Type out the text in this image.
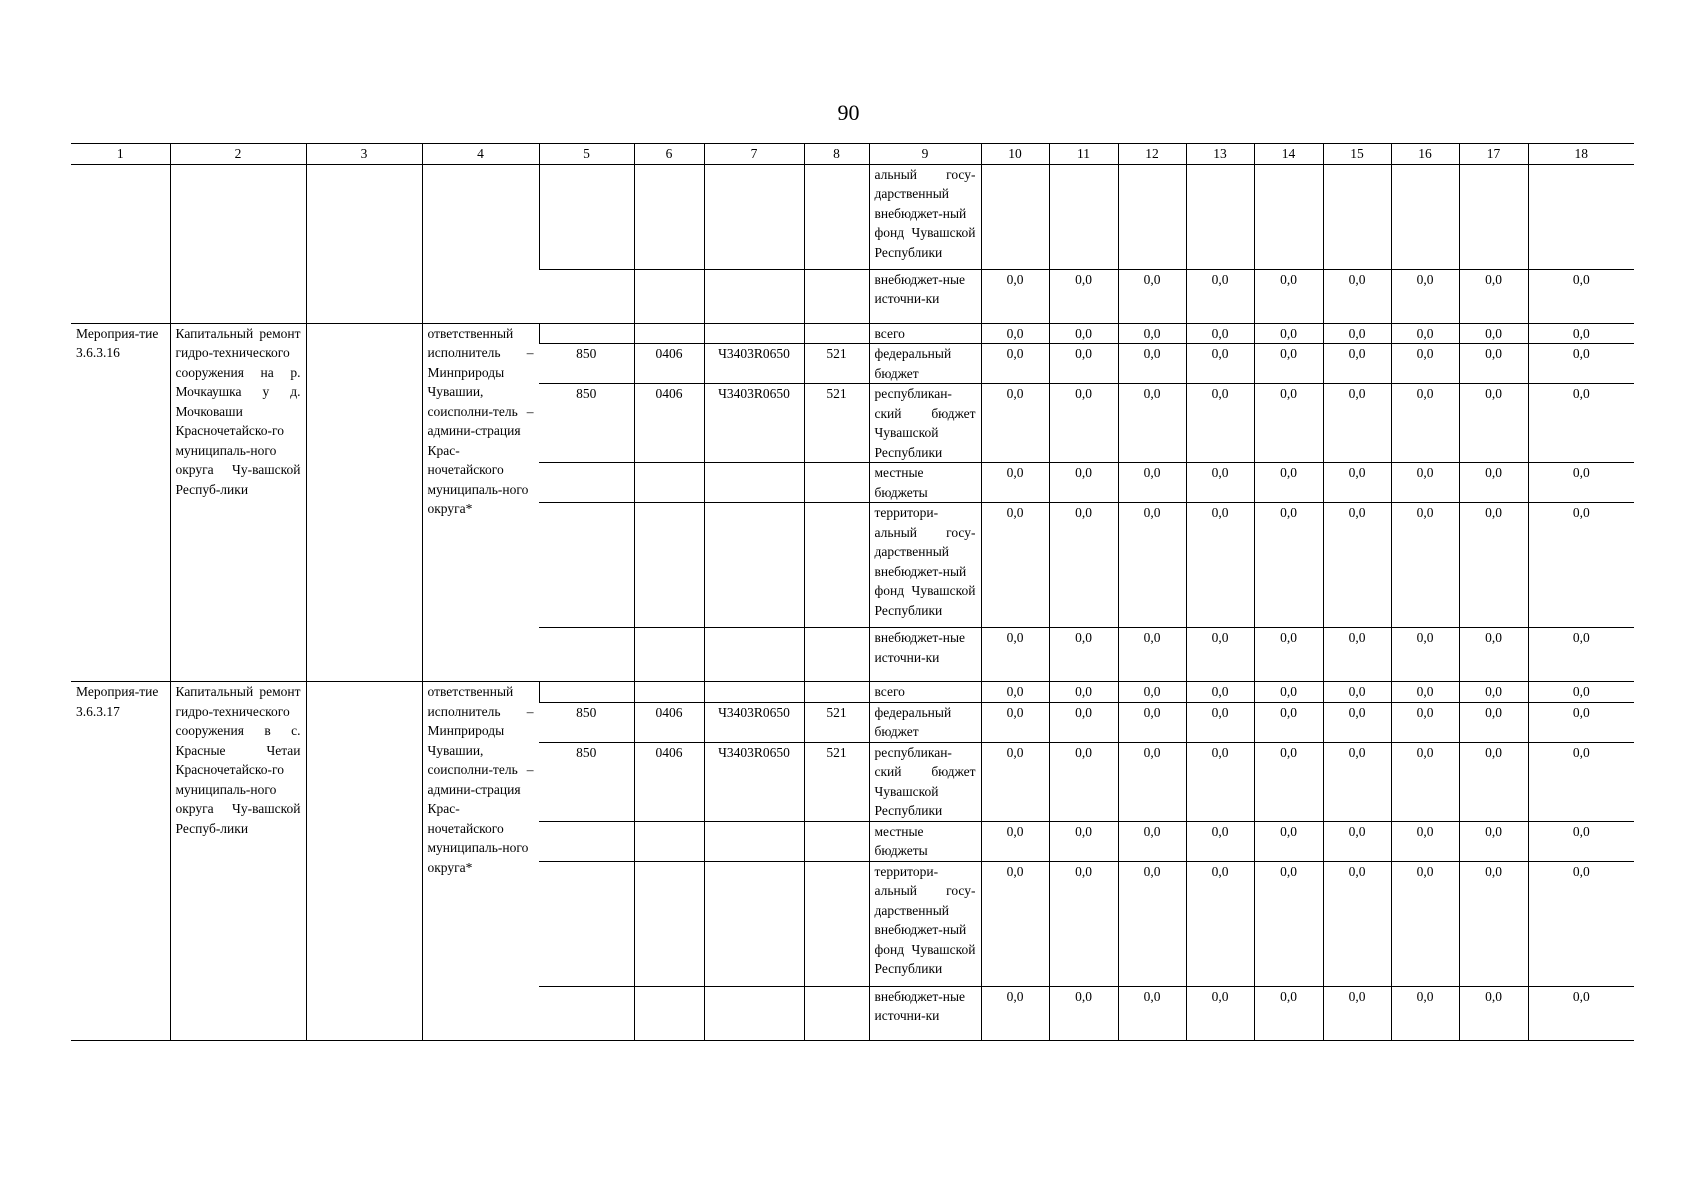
90
1	2	3	4	5	6	7	8	9	10	11	12	13	14	15	16	17	18
								альный госу-дарственный внебюджет-ный фонд Чувашской Республики									
								внебюджет-ные источни-ки	0,0	0,0	0,0	0,0	0,0	0,0	0,0	0,0	0,0
Мероприя-тие 3.6.3.16	Капитальный ремонт гидро-технического сооружения на р. Мочкаушка у д. Мочковаши Красночетайско-го муниципаль-ного округа Чу-вашской Респуб-лики		ответственный исполнитель – Минприроды Чувашии, соисполни-тель – админи-страция Крас-ночетайского муниципаль-ного округа*					всего	0,0	0,0	0,0	0,0	0,0	0,0	0,0	0,0	0,0
				850	0406	Ч3403R0650	521	федеральный бюджет	0,0	0,0	0,0	0,0	0,0	0,0	0,0	0,0	0,0
				850	0406	Ч3403R0650	521	республикан-ский бюджет Чувашской Республики	0,0	0,0	0,0	0,0	0,0	0,0	0,0	0,0	0,0
								местные бюджеты	0,0	0,0	0,0	0,0	0,0	0,0	0,0	0,0	0,0
								территори-альный госу-дарственный внебюджет-ный фонд Чувашской Республики	0,0	0,0	0,0	0,0	0,0	0,0	0,0	0,0	0,0
								внебюджет-ные источни-ки	0,0	0,0	0,0	0,0	0,0	0,0	0,0	0,0	0,0
Мероприя-тие 3.6.3.17	Капитальный ремонт гидро-технического сооружения в с. Красные Четаи Красночетайско-го муниципаль-ного округа Чу-вашской Респуб-лики		ответственный исполнитель – Минприроды Чувашии, соисполни-тель – админи-страция Крас-ночетайского муниципаль-ного округа*					всего	0,0	0,0	0,0	0,0	0,0	0,0	0,0	0,0	0,0
				850	0406	Ч3403R0650	521	федеральный бюджет	0,0	0,0	0,0	0,0	0,0	0,0	0,0	0,0	0,0
				850	0406	Ч3403R0650	521	республикан-ский бюджет Чувашской Республики	0,0	0,0	0,0	0,0	0,0	0,0	0,0	0,0	0,0
								местные бюджеты	0,0	0,0	0,0	0,0	0,0	0,0	0,0	0,0	0,0
								территори-альный госу-дарственный внебюджет-ный фонд Чувашской Республики	0,0	0,0	0,0	0,0	0,0	0,0	0,0	0,0	0,0
								внебюджет-ные источни-ки	0,0	0,0	0,0	0,0	0,0	0,0	0,0	0,0	0,0
